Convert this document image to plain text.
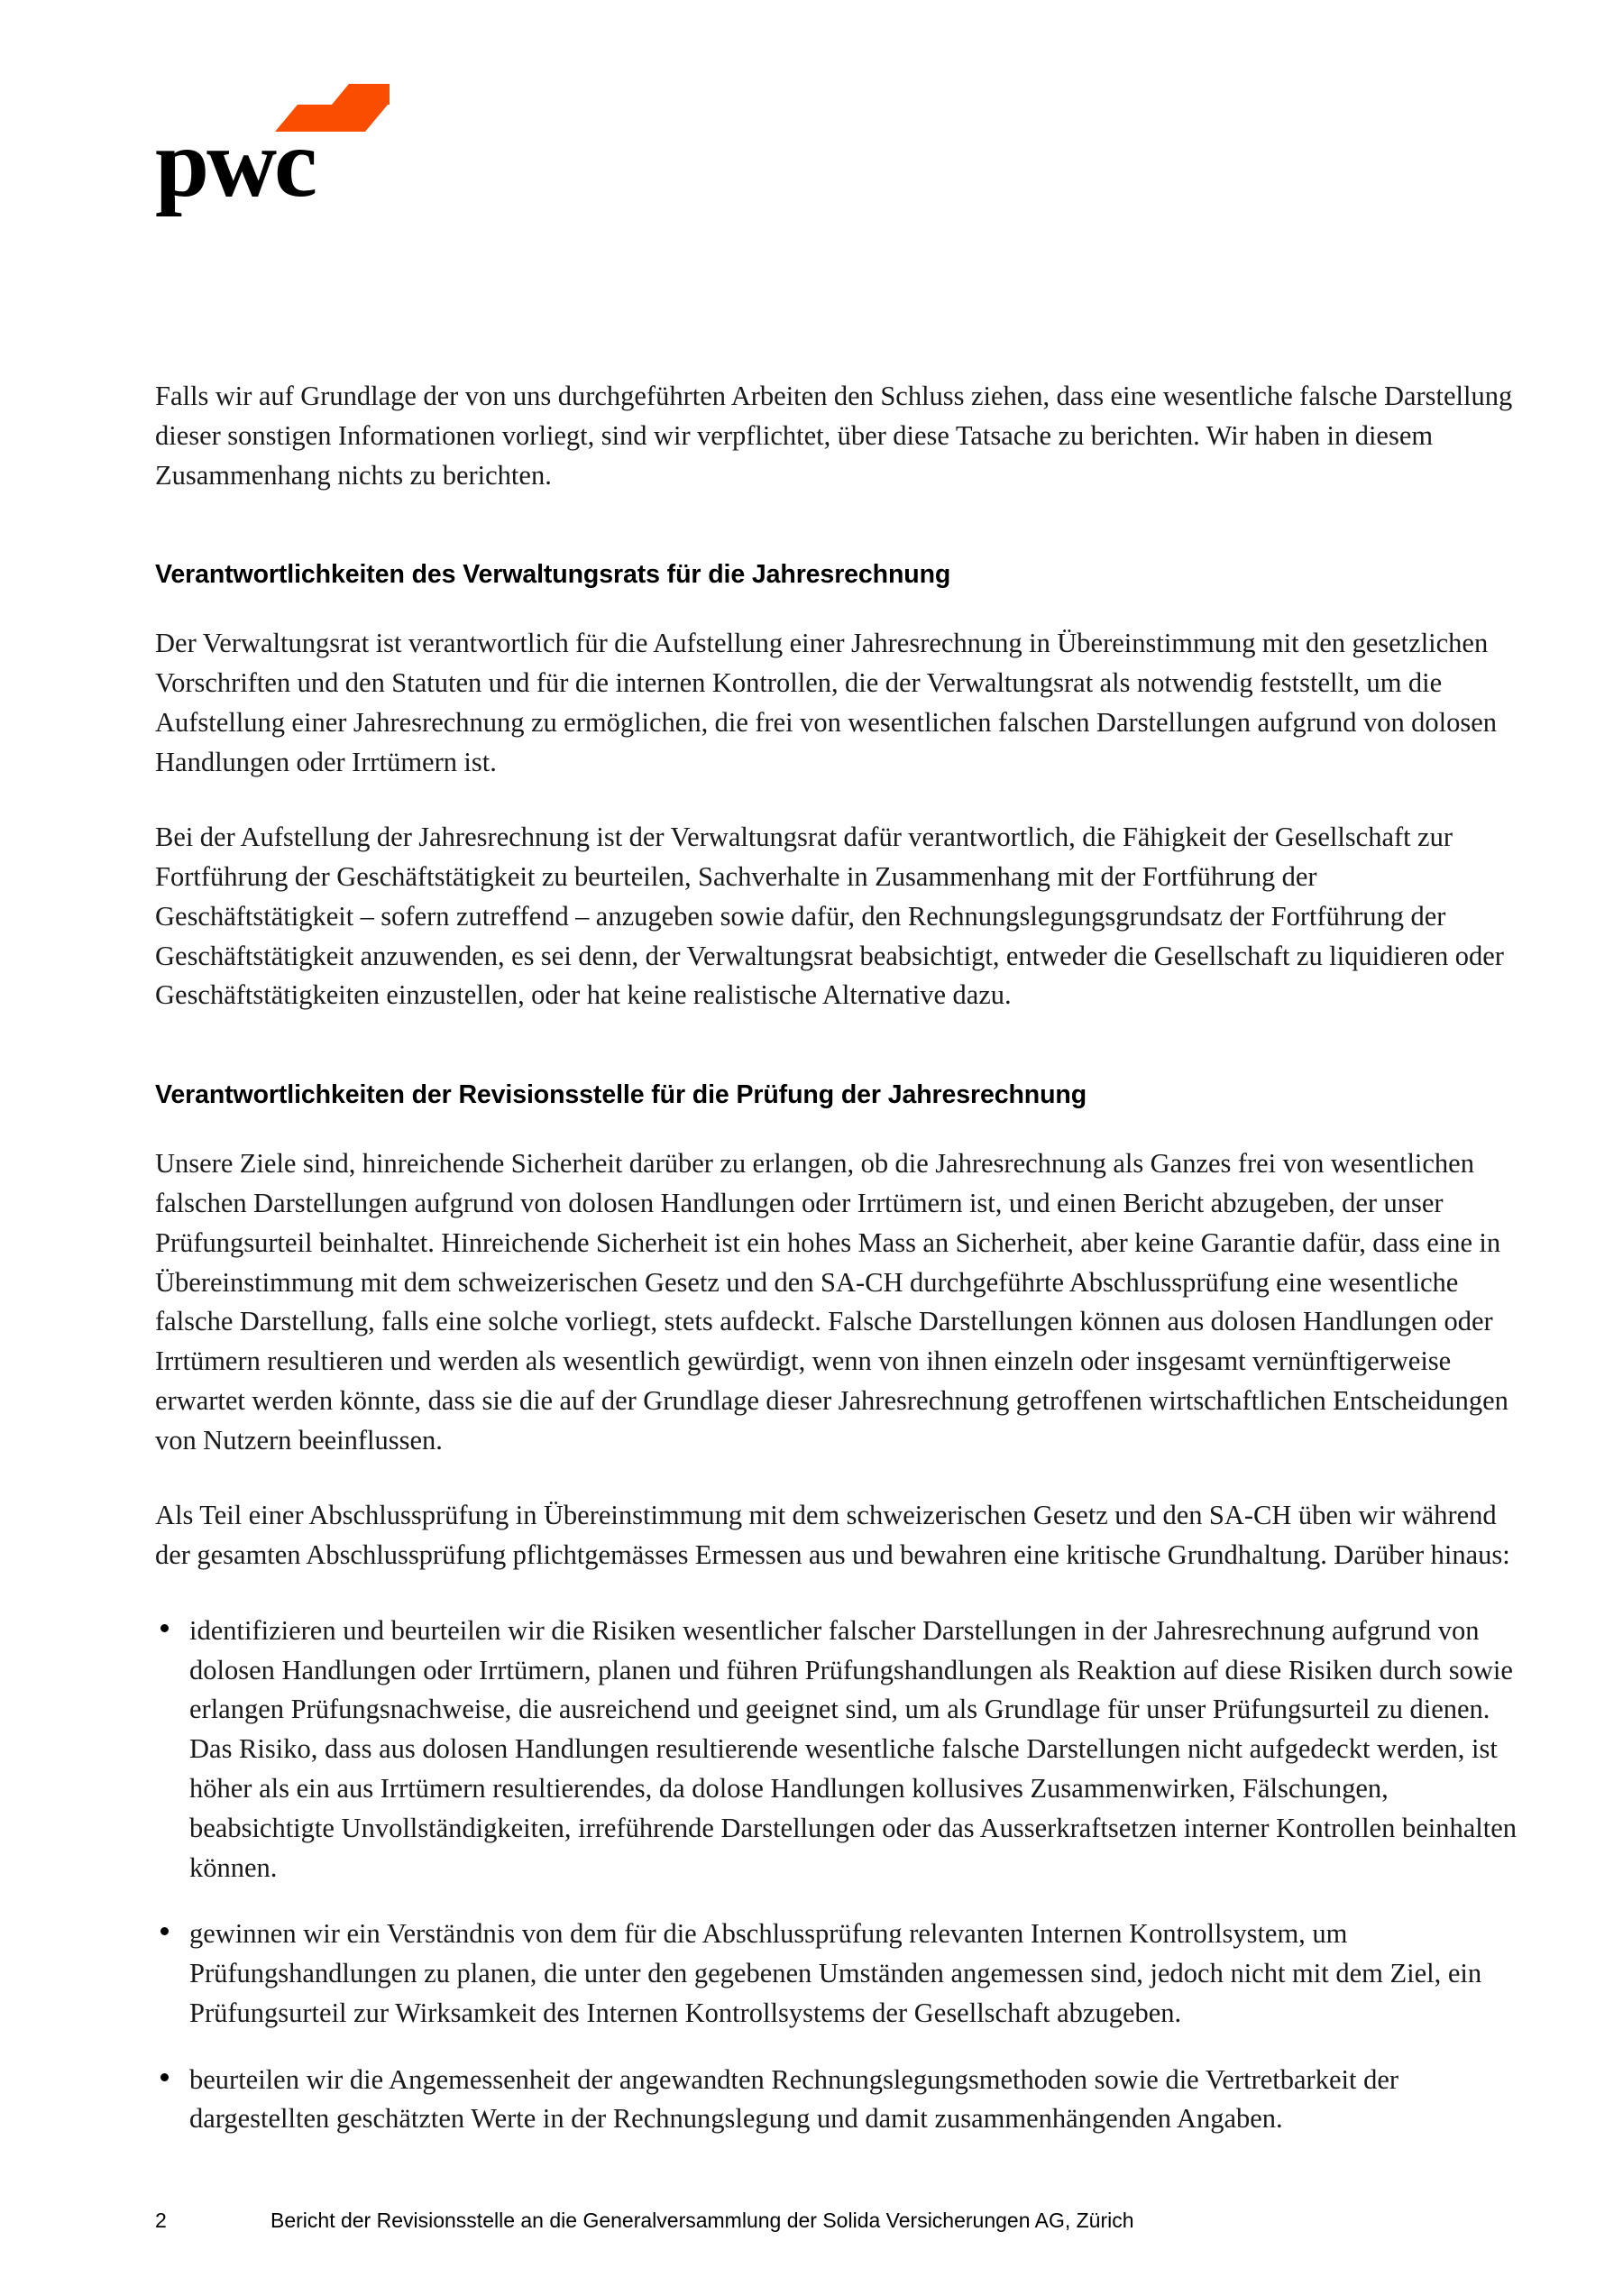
pwc

Falls wir auf Grundlage der von uns durchgeführten Arbeiten den Schluss ziehen, dass eine wesentliche falsche Darstellung dieser sonstigen Informationen vorliegt, sind wir verpflichtet, über diese Tatsache zu berichten. Wir haben in diesem Zusammenhang nichts zu berichten.

Verantwortlichkeiten des Verwaltungsrats für die Jahresrechnung

Der Verwaltungsrat ist verantwortlich für die Aufstellung einer Jahresrechnung in Übereinstimmung mit den gesetzlichen Vorschriften und den Statuten und für die internen Kontrollen, die der Verwaltungsrat als notwendig feststellt, um die Aufstellung einer Jahresrechnung zu ermöglichen, die frei von wesentlichen falschen Darstellungen aufgrund von dolosen Handlungen oder Irrtümern ist.

Bei der Aufstellung der Jahresrechnung ist der Verwaltungsrat dafür verantwortlich, die Fähigkeit der Gesellschaft zur Fortführung der Geschäftstätigkeit zu beurteilen, Sachverhalte in Zusammenhang mit der Fortführung der Geschäftstätigkeit – sofern zutreffend – anzugeben sowie dafür, den Rechnungslegungsgrundsatz der Fortführung der Geschäftstätigkeit anzuwenden, es sei denn, der Verwaltungsrat beabsichtigt, entweder die Gesellschaft zu liquidieren oder Geschäftstätigkeiten einzustellen, oder hat keine realistische Alternative dazu.

Verantwortlichkeiten der Revisionsstelle für die Prüfung der Jahresrechnung

Unsere Ziele sind, hinreichende Sicherheit darüber zu erlangen, ob die Jahresrechnung als Ganzes frei von wesentlichen falschen Darstellungen aufgrund von dolosen Handlungen oder Irrtümern ist, und einen Bericht abzugeben, der unser Prüfungsurteil beinhaltet. Hinreichende Sicherheit ist ein hohes Mass an Sicherheit, aber keine Garantie dafür, dass eine in Übereinstimmung mit dem schweizerischen Gesetz und den SA-CH durchgeführte Abschlussprüfung eine wesentliche falsche Darstellung, falls eine solche vorliegt, stets aufdeckt. Falsche Darstellungen können aus dolosen Handlungen oder Irrtümern resultieren und werden als wesentlich gewürdigt, wenn von ihnen einzeln oder insgesamt vernünftigerweise erwartet werden könnte, dass sie die auf der Grundlage dieser Jahresrechnung getroffenen wirtschaftlichen Entscheidungen von Nutzern beeinflussen.

Als Teil einer Abschlussprüfung in Übereinstimmung mit dem schweizerischen Gesetz und den SA-CH üben wir während der gesamten Abschlussprüfung pflichtgemässes Ermessen aus und bewahren eine kritische Grundhaltung. Darüber hinaus:

identifizieren und beurteilen wir die Risiken wesentlicher falscher Darstellungen in der Jahresrechnung aufgrund von dolosen Handlungen oder Irrtümern, planen und führen Prüfungshandlungen als Reaktion auf diese Risiken durch sowie erlangen Prüfungsnachweise, die ausreichend und geeignet sind, um als Grundlage für unser Prüfungsurteil zu dienen. Das Risiko, dass aus dolosen Handlungen resultierende wesentliche falsche Darstellungen nicht aufgedeckt werden, ist höher als ein aus Irrtümern resultierendes, da dolose Handlungen kollusives Zusammenwirken, Fälschungen, beabsichtigte Unvollständigkeiten, irreführende Darstellungen oder das Ausserkraftsetzen interner Kontrollen beinhalten können.
gewinnen wir ein Verständnis von dem für die Abschlussprüfung relevanten Internen Kontrollsystem, um Prüfungshandlungen zu planen, die unter den gegebenen Umständen angemessen sind, jedoch nicht mit dem Ziel, ein Prüfungsurteil zur Wirksamkeit des Internen Kontrollsystems der Gesellschaft abzugeben.
beurteilen wir die Angemessenheit der angewandten Rechnungslegungsmethoden sowie die Vertretbarkeit der dargestellten geschätzten Werte in der Rechnungslegung und damit zusammenhängenden Angaben.
2	Bericht der Revisionsstelle an die Generalversammlung der Solida Versicherungen AG, Zürich
